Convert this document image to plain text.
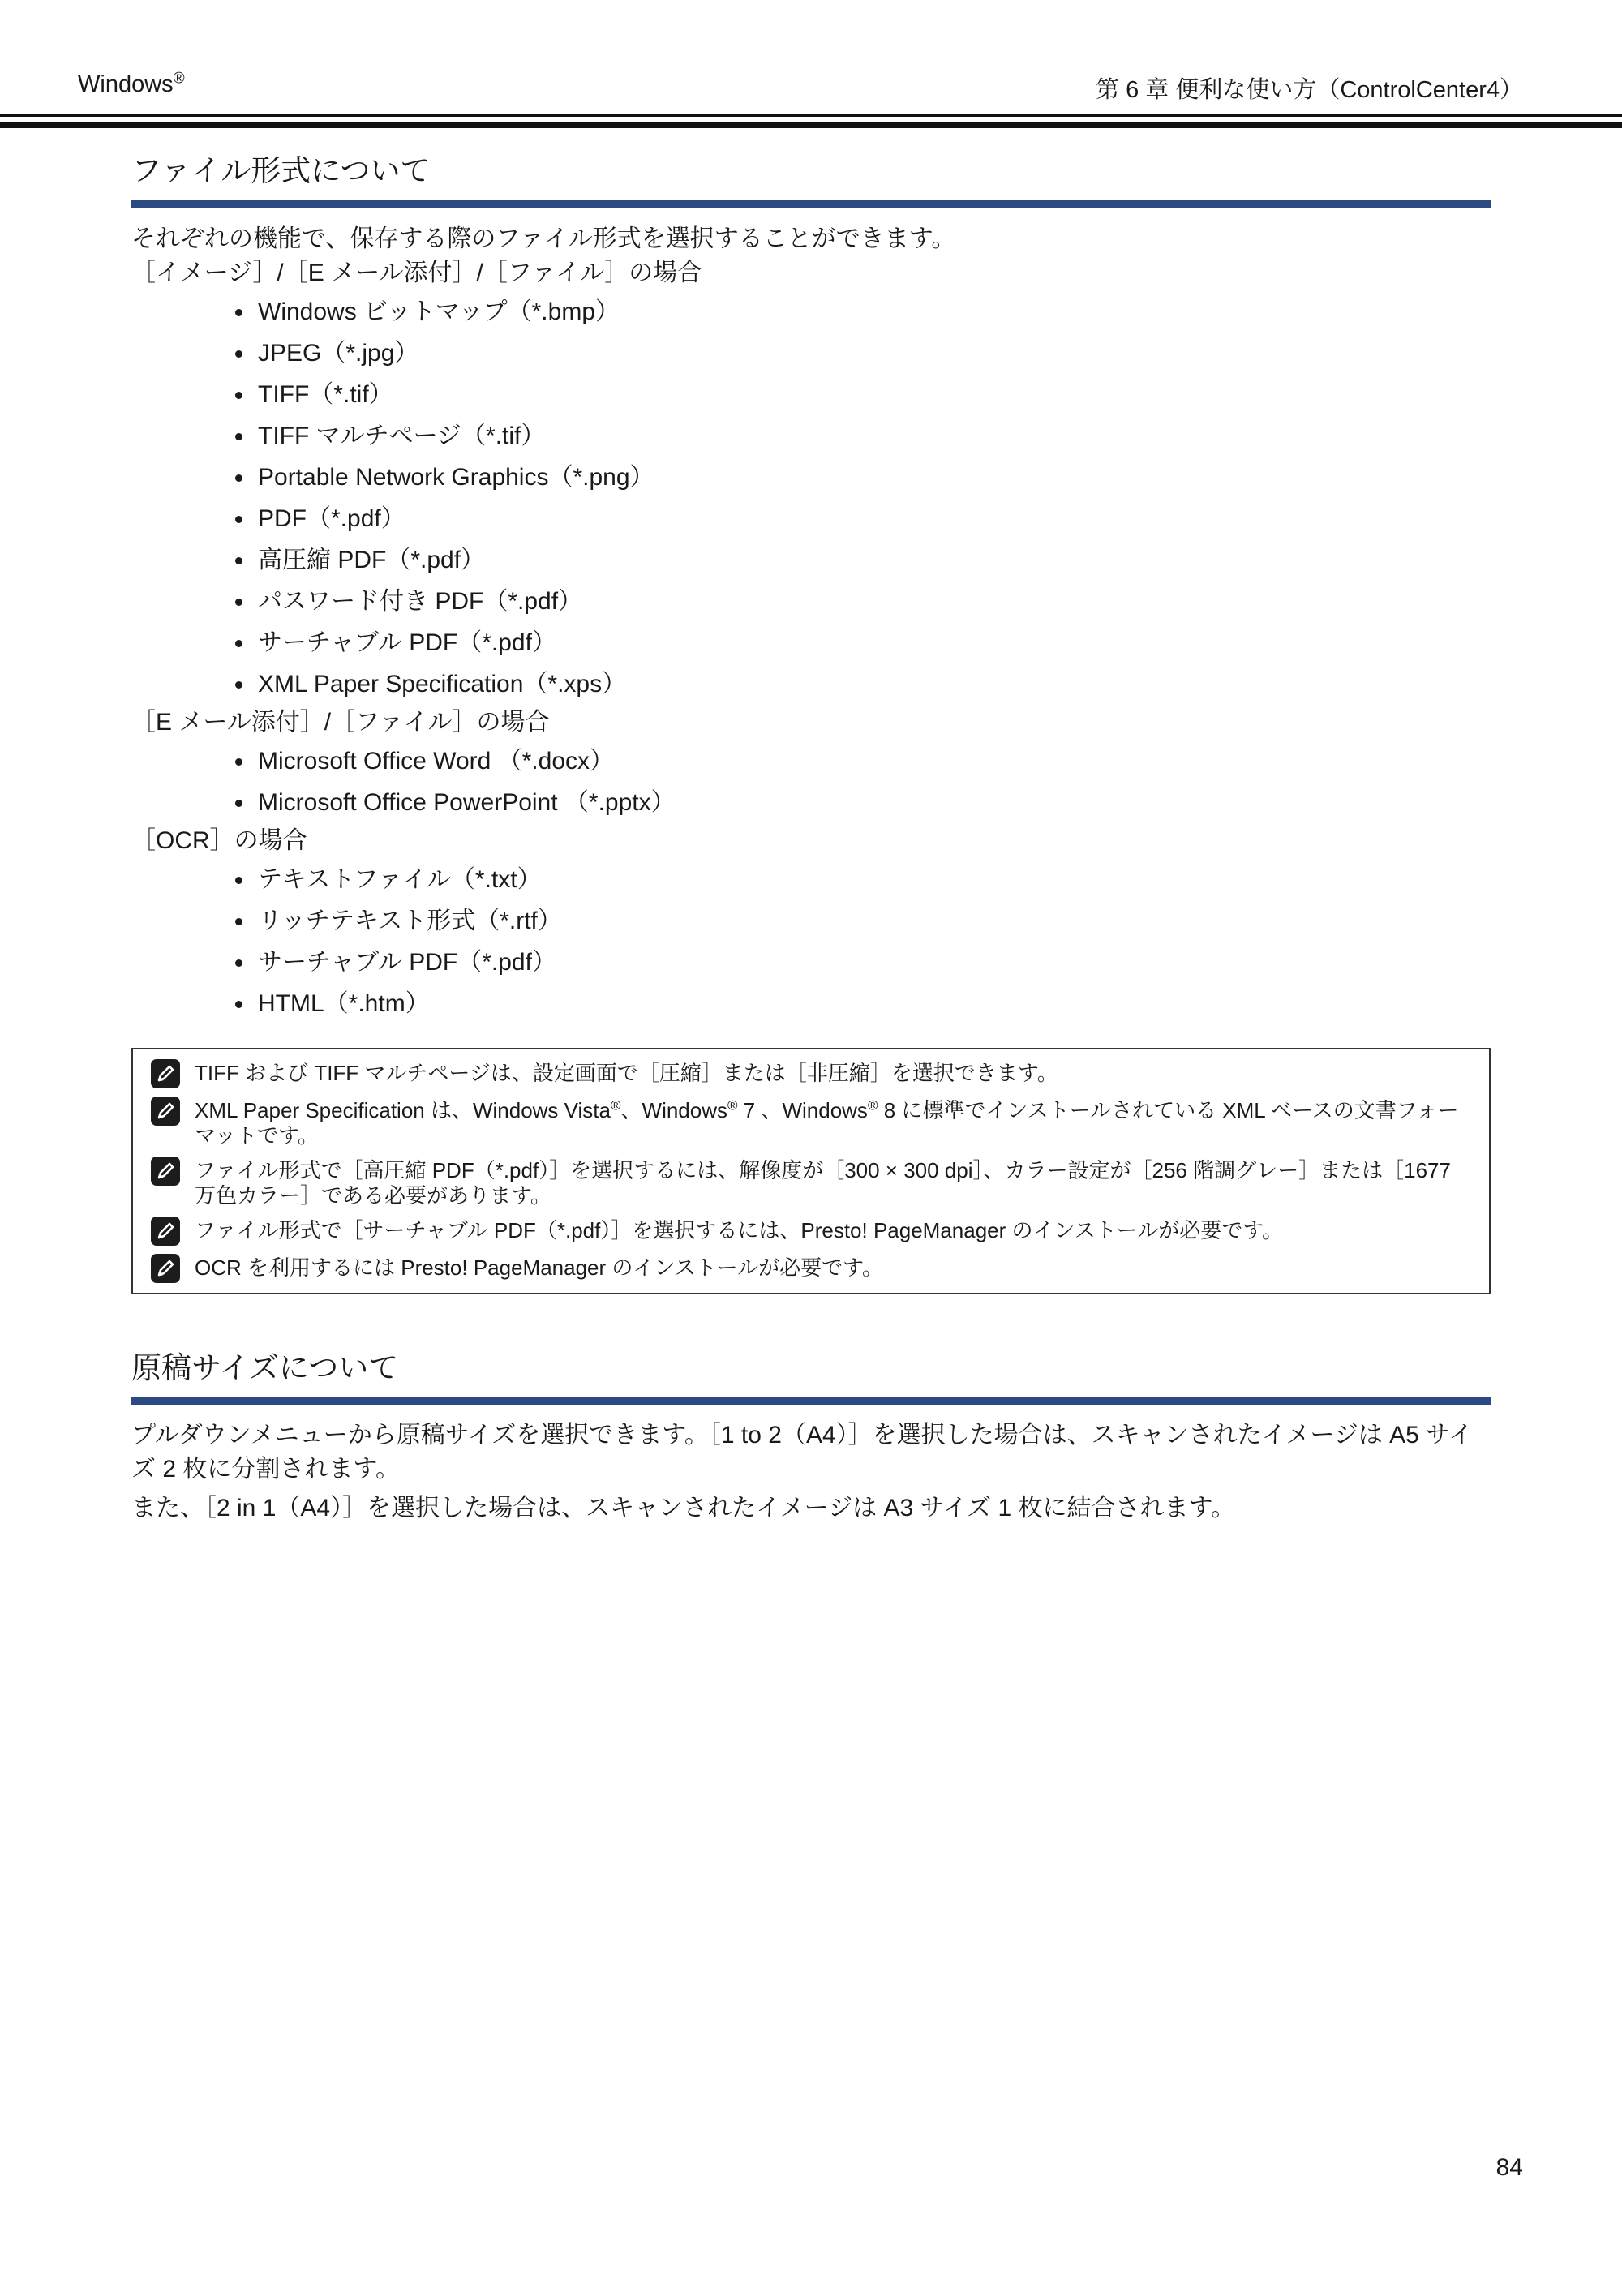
Windows®	第 6 章 便利な使い方（ControlCenter4）
ファイル形式について

それぞれの機能で、保存する際のファイル形式を選択することができます。

［イメージ］/［E メール添付］/［ファイル］の場合

Windows ビットマップ（*.bmp）
JPEG（*.jpg）
TIFF（*.tif）
TIFF マルチページ（*.tif）
Portable Network Graphics（*.png）
PDF（*.pdf）
高圧縮 PDF（*.pdf）
パスワード付き PDF（*.pdf）
サーチャブル PDF（*.pdf）
XML Paper Specification（*.xps）

［E メール添付］/［ファイル］の場合

Microsoft Office Word （*.docx）
Microsoft Office PowerPoint （*.pptx）

［OCR］の場合

テキストファイル（*.txt）
リッチテキスト形式（*.rtf）
サーチャブル PDF（*.pdf）
HTML（*.htm）
TIFF および TIFF マルチページは、設定画面で［圧縮］または［非圧縮］を選択できます。
XML Paper Specification は、Windows Vista®、Windows® 7 、Windows® 8 に標準でインストールされている XML ベースの文書フォーマットです。
ファイル形式で［高圧縮 PDF（*.pdf）］を選択するには、解像度が［300 × 300 dpi］、カラー設定が［256 階調グレー］または［1677 万色カラー］である必要があります。
ファイル形式で［サーチャブル PDF（*.pdf）］を選択するには、Presto! PageManager のインストールが必要です。
OCR を利用するには Presto! PageManager のインストールが必要です。
原稿サイズについて

プルダウンメニューから原稿サイズを選択できます。［1 to 2（A4）］を選択した場合は、スキャンされたイメージは A5 サイズ 2 枚に分割されます。

また、［2 in 1（A4）］を選択した場合は、スキャンされたイメージは A3 サイズ 1 枚に結合されます。

84
